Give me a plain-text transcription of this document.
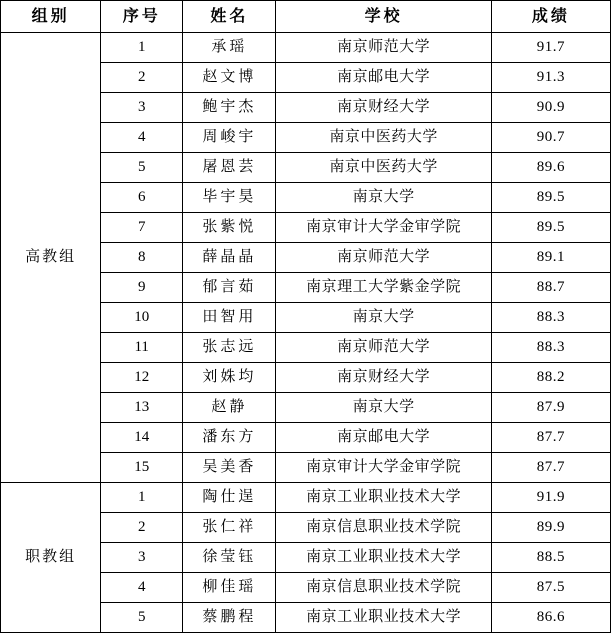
组别	序号	姓名	学校	成绩
高教组	1	承瑶	南京师范大学	91.7
	2	赵文博	南京邮电大学	91.3
	3	鲍宇杰	南京财经大学	90.9
	4	周峻宇	南京中医药大学	90.7
	5	屠恩芸	南京中医药大学	89.6
	6	毕宇昊	南京大学	89.5
	7	张紫悦	南京审计大学金审学院	89.5
	8	薛晶晶	南京师范大学	89.1
	9	郁言茹	南京理工大学紫金学院	88.7
	10	田智用	南京大学	88.3
	11	张志远	南京师范大学	88.3
	12	刘姝均	南京财经大学	88.2
	13	赵静	南京大学	87.9
	14	潘东方	南京邮电大学	87.7
	15	吴美香	南京审计大学金审学院	87.7
职教组	1	陶仕逞	南京工业职业技术大学	91.9
	2	张仁祥	南京信息职业技术学院	89.9
	3	徐莹钰	南京工业职业技术大学	88.5
	4	柳佳瑶	南京信息职业技术学院	87.5
	5	蔡鹏程	南京工业职业技术大学	86.6
